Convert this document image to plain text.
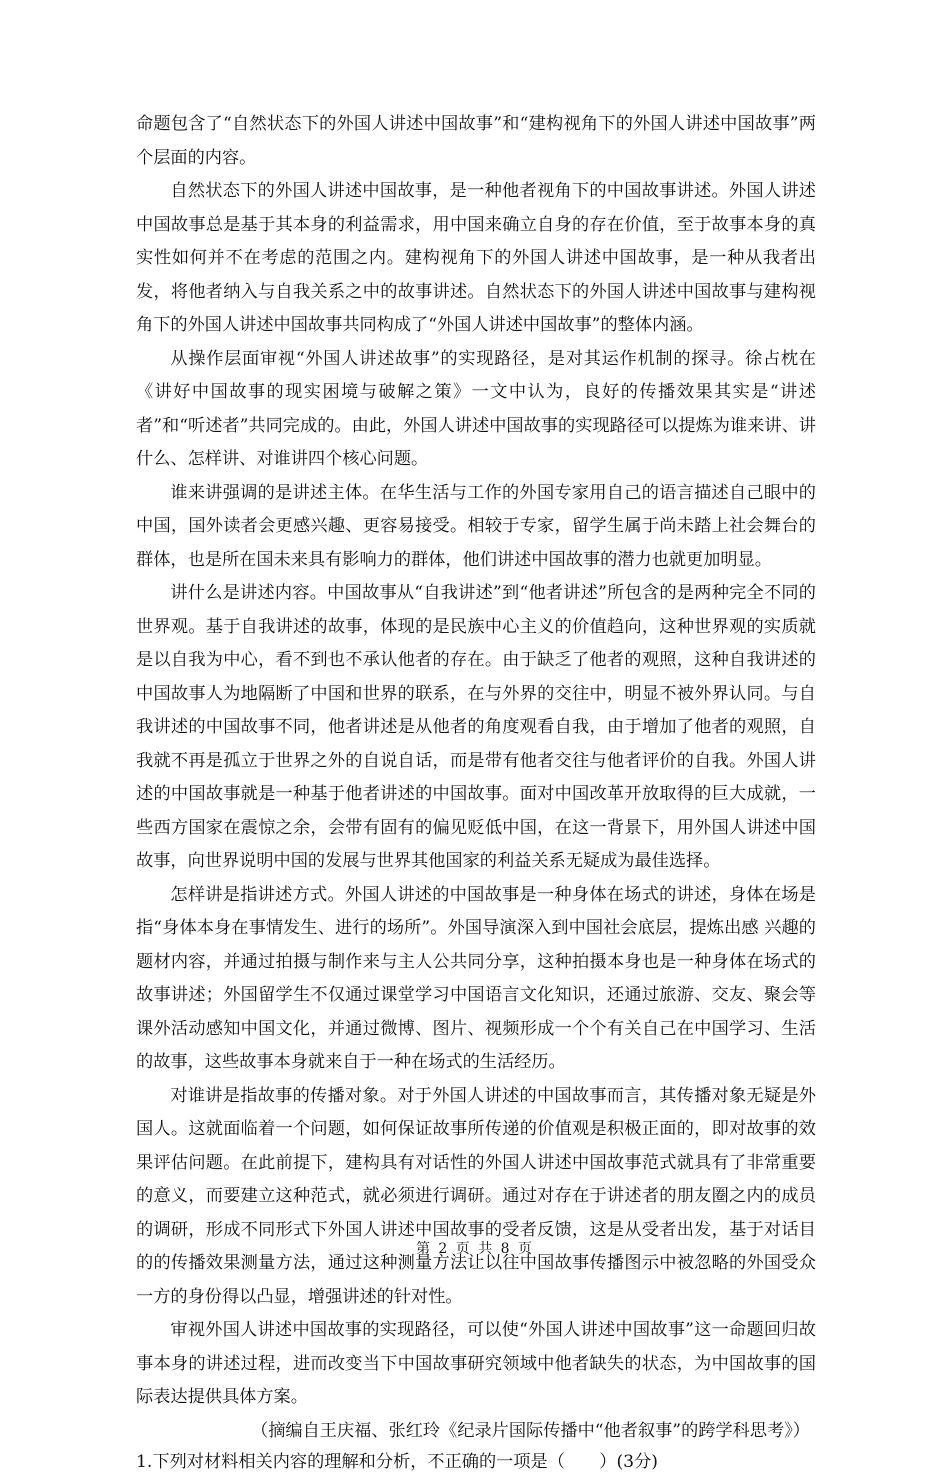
命题包含了“自然状态下的外国人讲述中国故事”和“建构视角下的外国人讲述中国故事”两个层面的内容。

自然状态下的外国人讲述中国故事，是一种他者视角下的中国故事讲述。外国人讲述中国故事总是基于其本身的利益需求，用中国来确立自身的存在价值，至于故事本身的真实性如何并不在考虑的范围之内。建构视角下的外国人讲述中国故事，是一种从我者出发，将他者纳入与自我关系之中的故事讲述。自然状态下的外国人讲述中国故事与建构视角下的外国人讲述中国故事共同构成了“外国人讲述中国故事”的整体内涵。

从操作层面审视“外国人讲述故事”的实现路径，是对其运作机制的探寻。徐占枕在《讲好中国故事的现实困境与破解之策》一文中认为，良好的传播效果其实是“讲述者”和“听述者”共同完成的。由此，外国人讲述中国故事的实现路径可以提炼为谁来讲、讲什么、怎样讲、对谁讲四个核心问题。

谁来讲强调的是讲述主体。在华生活与工作的外国专家用自己的语言描述自己眼中的中国，国外读者会更感兴趣、更容易接受。相较于专家，留学生属于尚未踏上社会舞台的群体，也是所在国未来具有影响力的群体，他们讲述中国故事的潜力也就更加明显。

讲什么是讲述内容。中国故事从“自我讲述”到“他者讲述”所包含的是两种完全不同的世界观。基于自我讲述的故事，体现的是民族中心主义的价值趋向，这种世界观的实质就是以自我为中心，看不到也不承认他者的存在。由于缺乏了他者的观照，这种自我讲述的中国故事人为地隔断了中国和世界的联系，在与外界的交往中，明显不被外界认同。与自我讲述的中国故事不同，他者讲述是从他者的角度观看自我，由于增加了他者的观照，自我就不再是孤立于世界之外的自说自话，而是带有他者交往与他者评价的自我。外国人讲述的中国故事就是一种基于他者讲述的中国故事。面对中国改革开放取得的巨大成就，一些西方国家在震惊之余，会带有固有的偏见贬低中国，在这一背景下，用外国人讲述中国故事，向世界说明中国的发展与世界其他国家的利益关系无疑成为最佳选择。

怎样讲是指讲述方式。外国人讲述的中国故事是一种身体在场式的讲述，身体在场是指“身体本身在事情发生、进行的场所”。外国导演深入到中国社会底层，提炼出感 兴趣的题材内容，并通过拍摄与制作来与主人公共同分享，这种拍摄本身也是一种身体在场式的故事讲述；外国留学生不仅通过课堂学习中国语言文化知识，还通过旅游、交友、聚会等课外活动感知中国文化，并通过微博、图片、视频形成一个个有关自己在中国学习、生活的故事，这些故事本身就来自于一种在场式的生活经历。

对谁讲是指故事的传播对象。对于外国人讲述的中国故事而言，其传播对象无疑是外国人。这就面临着一个问题，如何保证故事所传递的价值观是积极正面的，即对故事的效果评估问题。在此前提下，建构具有对话性的外国人讲述中国故事范式就具有了非常重要的意义，而要建立这种范式，就必须进行调研。通过对存在于讲述者的朋友圈之内的成员的调研，形成不同形式下外国人讲述中国故事的受者反馈，这是从受者出发，基于对话目的的传播效果测量方法，通过这种测量方法让以往中国故事传播图示中被忽略的外国受众一方的身份得以凸显，增强讲述的针对性。

审视外国人讲述中国故事的实现路径，可以使“外国人讲述中国故事”这一命题回归故事本身的讲述过程，进而改变当下中国故事研究领域中他者缺失的状态，为中国故事的国际表达提供具体方案。

（摘编自王庆福、张红玲《纪录片国际传播中“他者叙事”的跨学科思考》）

1.下列对材料相关内容的理解和分析，不正确的一项是（　　）(3分)

第 2 页 共 8 页
